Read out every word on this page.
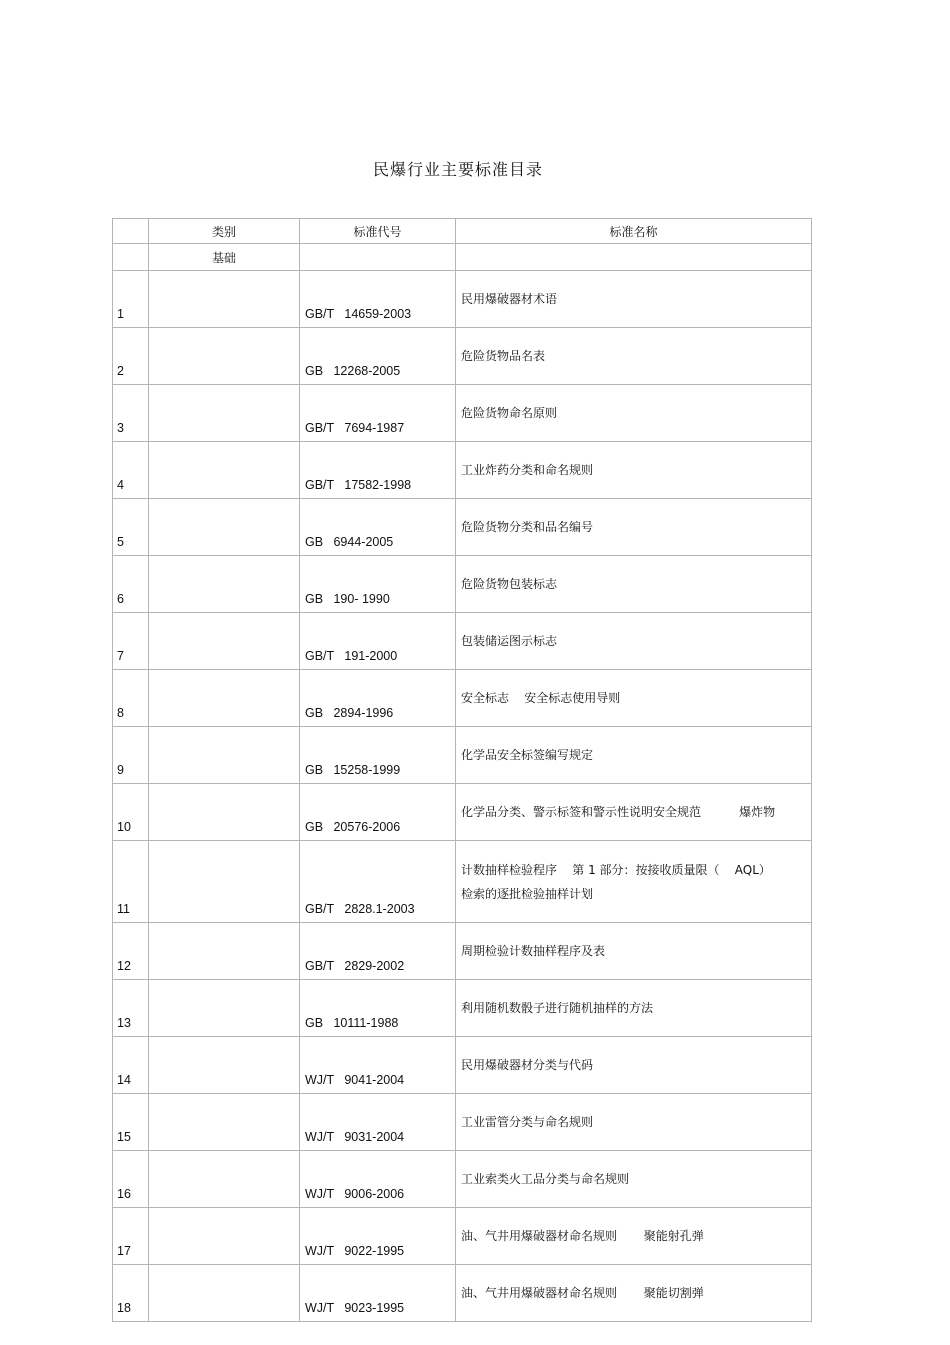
民爆行业主要标准目录
	类别	标准代号	标准名称
	基础		
1		GB/T   14659-2003	民用爆破器材术语
2		GB   12268-2005	危险货物品名表
3		GB/T   7694-1987	危险货物命名原则
4		GB/T   17582-1998	工业炸药分类和命名规则
5		GB   6944-2005	危险货物分类和品名编号
6		GB   190- 1990	危险货物包装标志
7		GB/T   191-2000	包装储运图示标志
8		GB   2894-1996	安全标志    安全标志使用导则
9		GB   15258-1999	化学品安全标签编写规定
10		GB   20576-2006	化学品分类、警示标签和警示性说明安全规范          爆炸物
11		GB/T   2828.1-2003	计数抽样检验程序    第 1 部分：按接收质量限（    AQL）
检索的逐批检验抽样计划
12		GB/T   2829-2002	周期检验计数抽样程序及表
13		GB   10111-1988	利用随机数骰子进行随机抽样的方法
14		WJ/T   9041-2004	民用爆破器材分类与代码
15		WJ/T   9031-2004	工业雷管分类与命名规则
16		WJ/T   9006-2006	工业索类火工品分类与命名规则
17		WJ/T   9022-1995	油、气井用爆破器材命名规则       聚能射孔弹
18		WJ/T   9023-1995	油、气井用爆破器材命名规则       聚能切割弹
